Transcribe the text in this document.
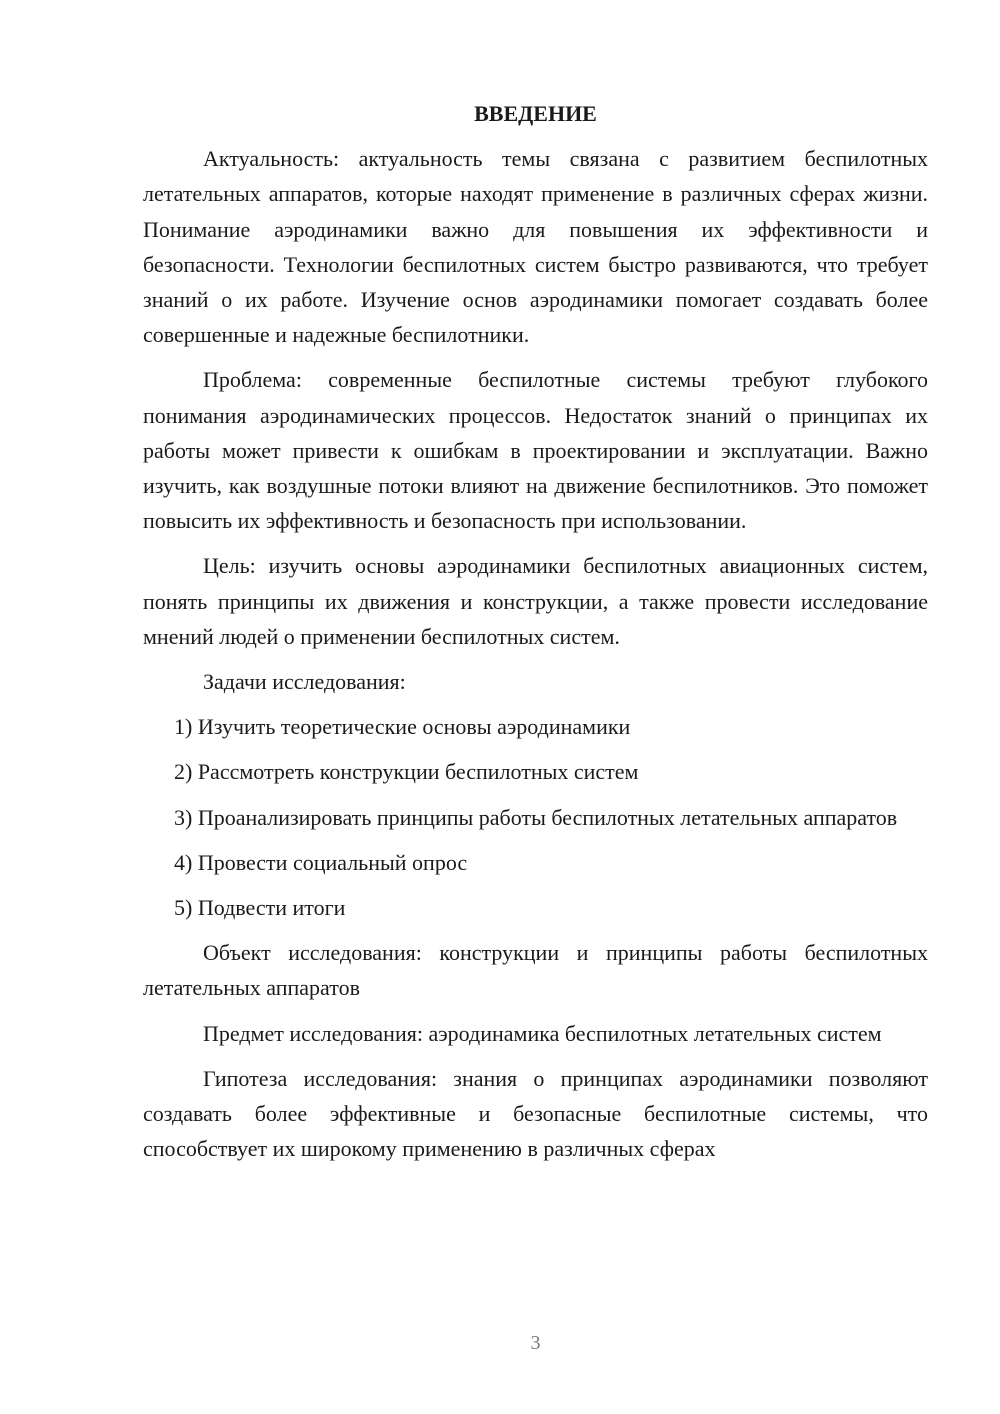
ВВЕДЕНИЕ

Актуальность: актуальность темы связана с развитием беспилотных летательных аппаратов, которые находят применение в различных сферах жизни. Понимание аэродинамики важно для повышения их эффективности и безопасности. Технологии беспилотных систем быстро развиваются, что требует знаний о их работе. Изучение основ аэродинамики помогает создавать более совершенные и надежные беспилотники.

Проблема: современные беспилотные системы требуют глубокого понимания аэродинамических процессов. Недостаток знаний о принципах их работы может привести к ошибкам в проектировании и эксплуатации. Важно изучить, как воздушные потоки влияют на движение беспилотников. Это поможет повысить их эффективность и безопасность при использовании.

Цель: изучить основы аэродинамики беспилотных авиационных систем, понять принципы их движения и конструкции, а также провести исследование мнений людей о применении беспилотных систем.

Задачи исследования:

1) Изучить теоретические основы аэродинамики

2) Рассмотреть конструкции беспилотных систем

3) Проанализировать принципы работы беспилотных летательных аппаратов

4) Провести социальный опрос

5) Подвести итоги

Объект исследования: конструкции и принципы работы беспилотных летательных аппаратов

Предмет исследования: аэродинамика беспилотных летательных систем

Гипотеза исследования: знания о принципах аэродинамики позволяют создавать более эффективные и безопасные беспилотные системы, что способствует их широкому применению в различных сферах

3
